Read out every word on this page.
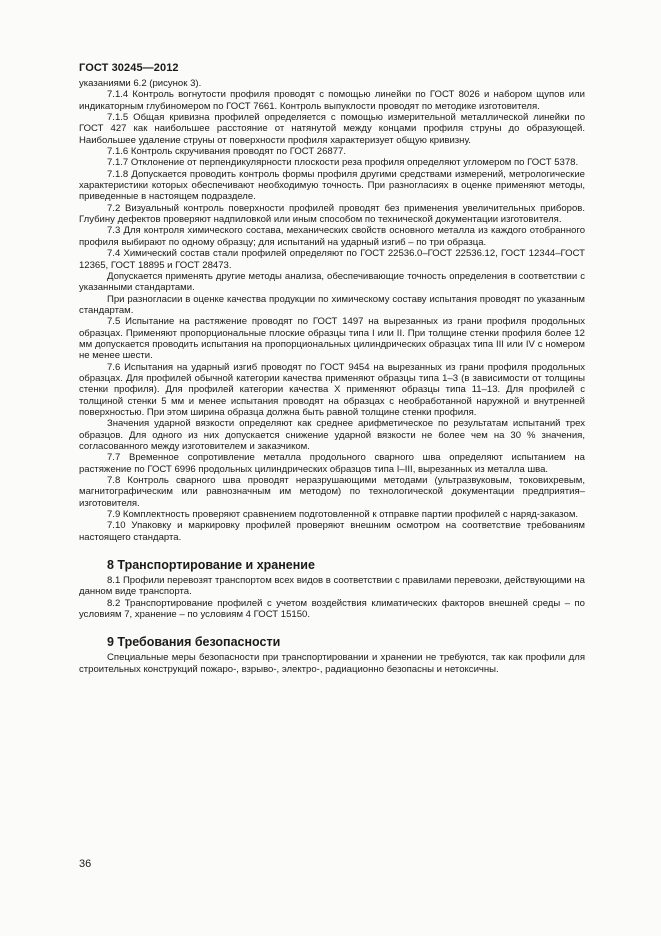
ГОСТ 30245—2012

указаниями 6.2 (рисунок 3).

7.1.4 Контроль вогнутости профиля проводят с помощью линейки по ГОСТ 8026 и набором щупов или индикаторным глубиномером по ГОСТ 7661. Контроль выпуклости проводят по методике изготовителя.

7.1.5 Общая кривизна профилей определяется с помощью измерительной металлической линейки по ГОСТ 427 как наибольшее расстояние от натянутой между концами профиля струны до образующей. Наибольшее удаление струны от поверхности профиля характеризует общую кривизну.

7.1.6 Контроль скручивания проводят по ГОСТ 26877.

7.1.7 Отклонение от перпендикулярности плоскости реза профиля определяют угломером по ГОСТ 5378.

7.1.8 Допускается проводить контроль формы профиля другими средствами измерений, метрологические характеристики которых обеспечивают необходимую точность. При разногласиях в оценке применяют методы, приведенные в настоящем подразделе.

7.2 Визуальный контроль поверхности профилей проводят без применения увеличительных приборов. Глубину дефектов проверяют надпиловкой или иным способом по технической документации изготовителя.

7.3 Для контроля химического состава, механических свойств основного металла из каждого отобранного профиля выбирают по одному образцу; для испытаний на ударный изгиб – по три образца.

7.4 Химический состав стали профилей определяют по ГОСТ 22536.0–ГОСТ 22536.12, ГОСТ 12344–ГОСТ 12365, ГОСТ 18895 и ГОСТ 28473.

Допускается применять другие методы анализа, обеспечивающие точность определения в соответствии с указанными стандартами.

При разногласии в оценке качества продукции по химическому составу испытания проводят по указанным стандартам.

7.5 Испытание на растяжение проводят по ГОСТ 1497 на вырезанных из грани профиля продольных образцах. Применяют пропорциональные плоские образцы типа I или II. При толщине стенки профиля более 12 мм допускается проводить испытания на пропорциональных цилиндрических образцах типа III или IV с номером не менее шести.

7.6 Испытания на ударный изгиб проводят по ГОСТ 9454 на вырезанных из грани профиля продольных образцах. Для профилей обычной категории качества применяют образцы типа 1–3 (в зависимости от толщины стенки профиля). Для профилей категории качества Х применяют образцы типа 11–13. Для профилей с толщиной стенки 5 мм и менее испытания проводят на образцах с необработанной наружной и внутренней поверхностью. При этом ширина образца должна быть равной толщине стенки профиля.

Значения ударной вязкости определяют как среднее арифметическое по результатам испытаний трех образцов. Для одного из них допускается снижение ударной вязкости не более чем на 30 % значения, согласованного между изготовителем и заказчиком.

7.7 Временное сопротивление металла продольного сварного шва определяют испытанием на растяжение по ГОСТ 6996 продольных цилиндрических образцов типа I–III, вырезанных из металла шва.

7.8 Контроль сварного шва проводят неразрушающими методами (ультразвуковым, токовихревым, магнитографическим или равнозначным им методом) по технологической документации предприятия–изготовителя.

7.9 Комплектность проверяют сравнением подготовленной к отправке партии профилей с наряд-заказом.

7.10 Упаковку и маркировку профилей проверяют внешним осмотром на соответствие требованиям настоящего стандарта.

8 Транспортирование и хранение

8.1 Профили перевозят транспортом всех видов в соответствии с правилами перевозки, действующими на данном виде транспорта.

8.2 Транспортирование профилей с учетом воздействия климатических факторов внешней среды – по условиям 7, хранение – по условиям 4 ГОСТ 15150.

9 Требования безопасности

Специальные меры безопасности при транспортировании и хранении не требуются, так как профили для строительных конструкций пожаро-, взрыво-, электро-, радиационно безопасны и нетоксичны.

36
